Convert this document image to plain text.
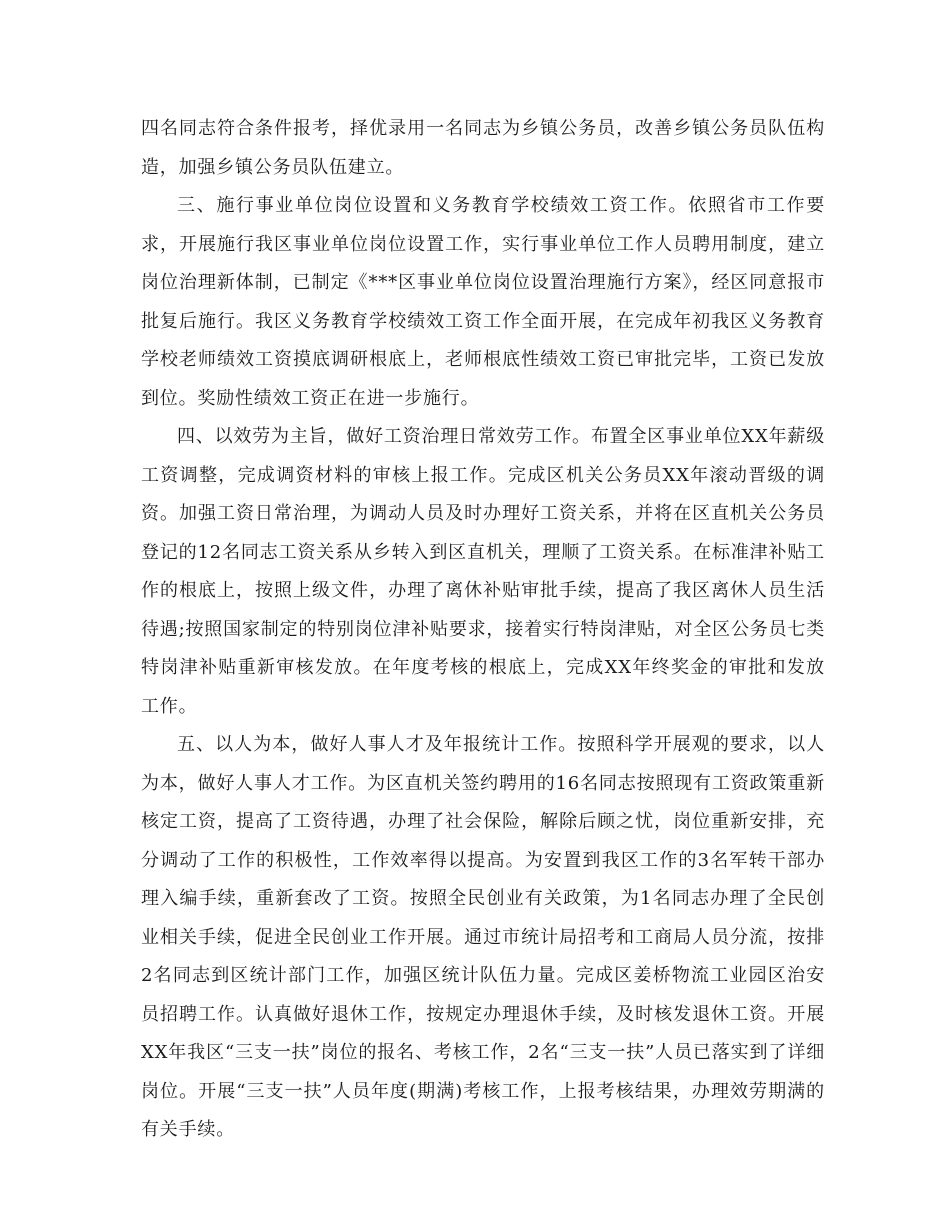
四名同志符合条件报考，择优录用一名同志为乡镇公务员，改善乡镇公务员队伍构造，加强乡镇公务员队伍建立。

三、施行事业单位岗位设置和义务教育学校绩效工资工作。依照省市工作要求，开展施行我区事业单位岗位设置工作，实行事业单位工作人员聘用制度，建立岗位治理新体制，已制定《***区事业单位岗位设置治理施行方案》，经区同意报市批复后施行。我区义务教育学校绩效工资工作全面开展，在完成年初我区义务教育学校老师绩效工资摸底调研根底上，老师根底性绩效工资已审批完毕，工资已发放到位。奖励性绩效工资正在进一步施行。

四、以效劳为主旨，做好工资治理日常效劳工作。布置全区事业单位XX年薪级工资调整，完成调资材料的审核上报工作。完成区机关公务员XX年滚动晋级的调资。加强工资日常治理，为调动人员及时办理好工资关系，并将在区直机关公务员登记的12名同志工资关系从乡转入到区直机关，理顺了工资关系。在标准津补贴工作的根底上，按照上级文件，办理了离休补贴审批手续，提高了我区离休人员生活待遇;按照国家制定的特别岗位津补贴要求，接着实行特岗津贴，对全区公务员七类特岗津补贴重新审核发放。在年度考核的根底上，完成XX年终奖金的审批和发放工作。

五、以人为本，做好人事人才及年报统计工作。按照科学开展观的要求，以人为本，做好人事人才工作。为区直机关签约聘用的16名同志按照现有工资政策重新核定工资，提高了工资待遇，办理了社会保险，解除后顾之忧，岗位重新安排，充分调动了工作的积极性，工作效率得以提高。为安置到我区工作的3名军转干部办理入编手续，重新套改了工资。按照全民创业有关政策，为1名同志办理了全民创业相关手续，促进全民创业工作开展。通过市统计局招考和工商局人员分流，按排2名同志到区统计部门工作，加强区统计队伍力量。完成区姜桥物流工业园区治安员招聘工作。认真做好退休工作，按规定办理退休手续，及时核发退休工资。开展XX年我区“三支一扶”岗位的报名、考核工作，2名“三支一扶”人员已落实到了详细岗位。开展“三支一扶”人员年度(期满)考核工作，上报考核结果，办理效劳期满的有关手续。
